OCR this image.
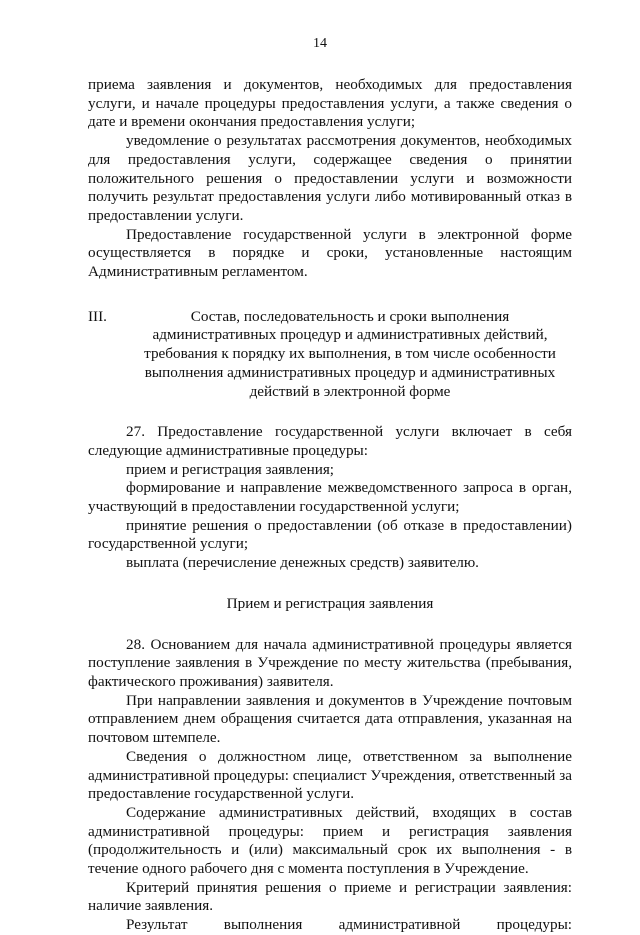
14

приема заявления и документов, необходимых для предоставления услуги, и начале процедуры предоставления услуги, а также сведения о дате и времени окончания предоставления услуги;

уведомление о результатах рассмотрения документов, необходимых для предоставления услуги, содержащее сведения о принятии положительного решения о предоставлении услуги и возможности получить результат предоставления услуги либо мотивированный отказ в предоставлении услуги.

Предоставление государственной услуги в электронной форме осуществляется в порядке и сроки, установленные настоящим Административным регламентом.

III.	Состав, последовательность и сроки выполнения административных процедур и административных действий, требования к порядку их выполнения, в том числе особенности выполнения административных процедур и административных действий в электронной форме

27. Предоставление государственной услуги включает в себя следующие административные процедуры:

прием и регистрация заявления;

формирование и направление межведомственного запроса в орган, участвующий в предоставлении государственной услуги;

принятие решения о предоставлении (об отказе в предоставлении) государственной услуги;

выплата (перечисление денежных средств) заявителю.

Прием и регистрация заявления

28. Основанием для начала административной процедуры является поступление заявления в Учреждение по месту жительства (пребывания, фактического проживания) заявителя.

При направлении заявления и документов в Учреждение почтовым отправлением днем обращения считается дата отправления, указанная на почтовом штемпеле.

Сведения о должностном лице, ответственном за выполнение административной процедуры: специалист Учреждения, ответственный за предоставление государственной услуги.

Содержание административных действий, входящих в состав административной процедуры: прием и регистрация заявления (продолжительность и (или) максимальный срок их выполнения - в течение одного рабочего дня с момента поступления в Учреждение.

Критерий принятия решения о приеме и регистрации заявления: наличие заявления.

Результат выполнения административной процедуры:
